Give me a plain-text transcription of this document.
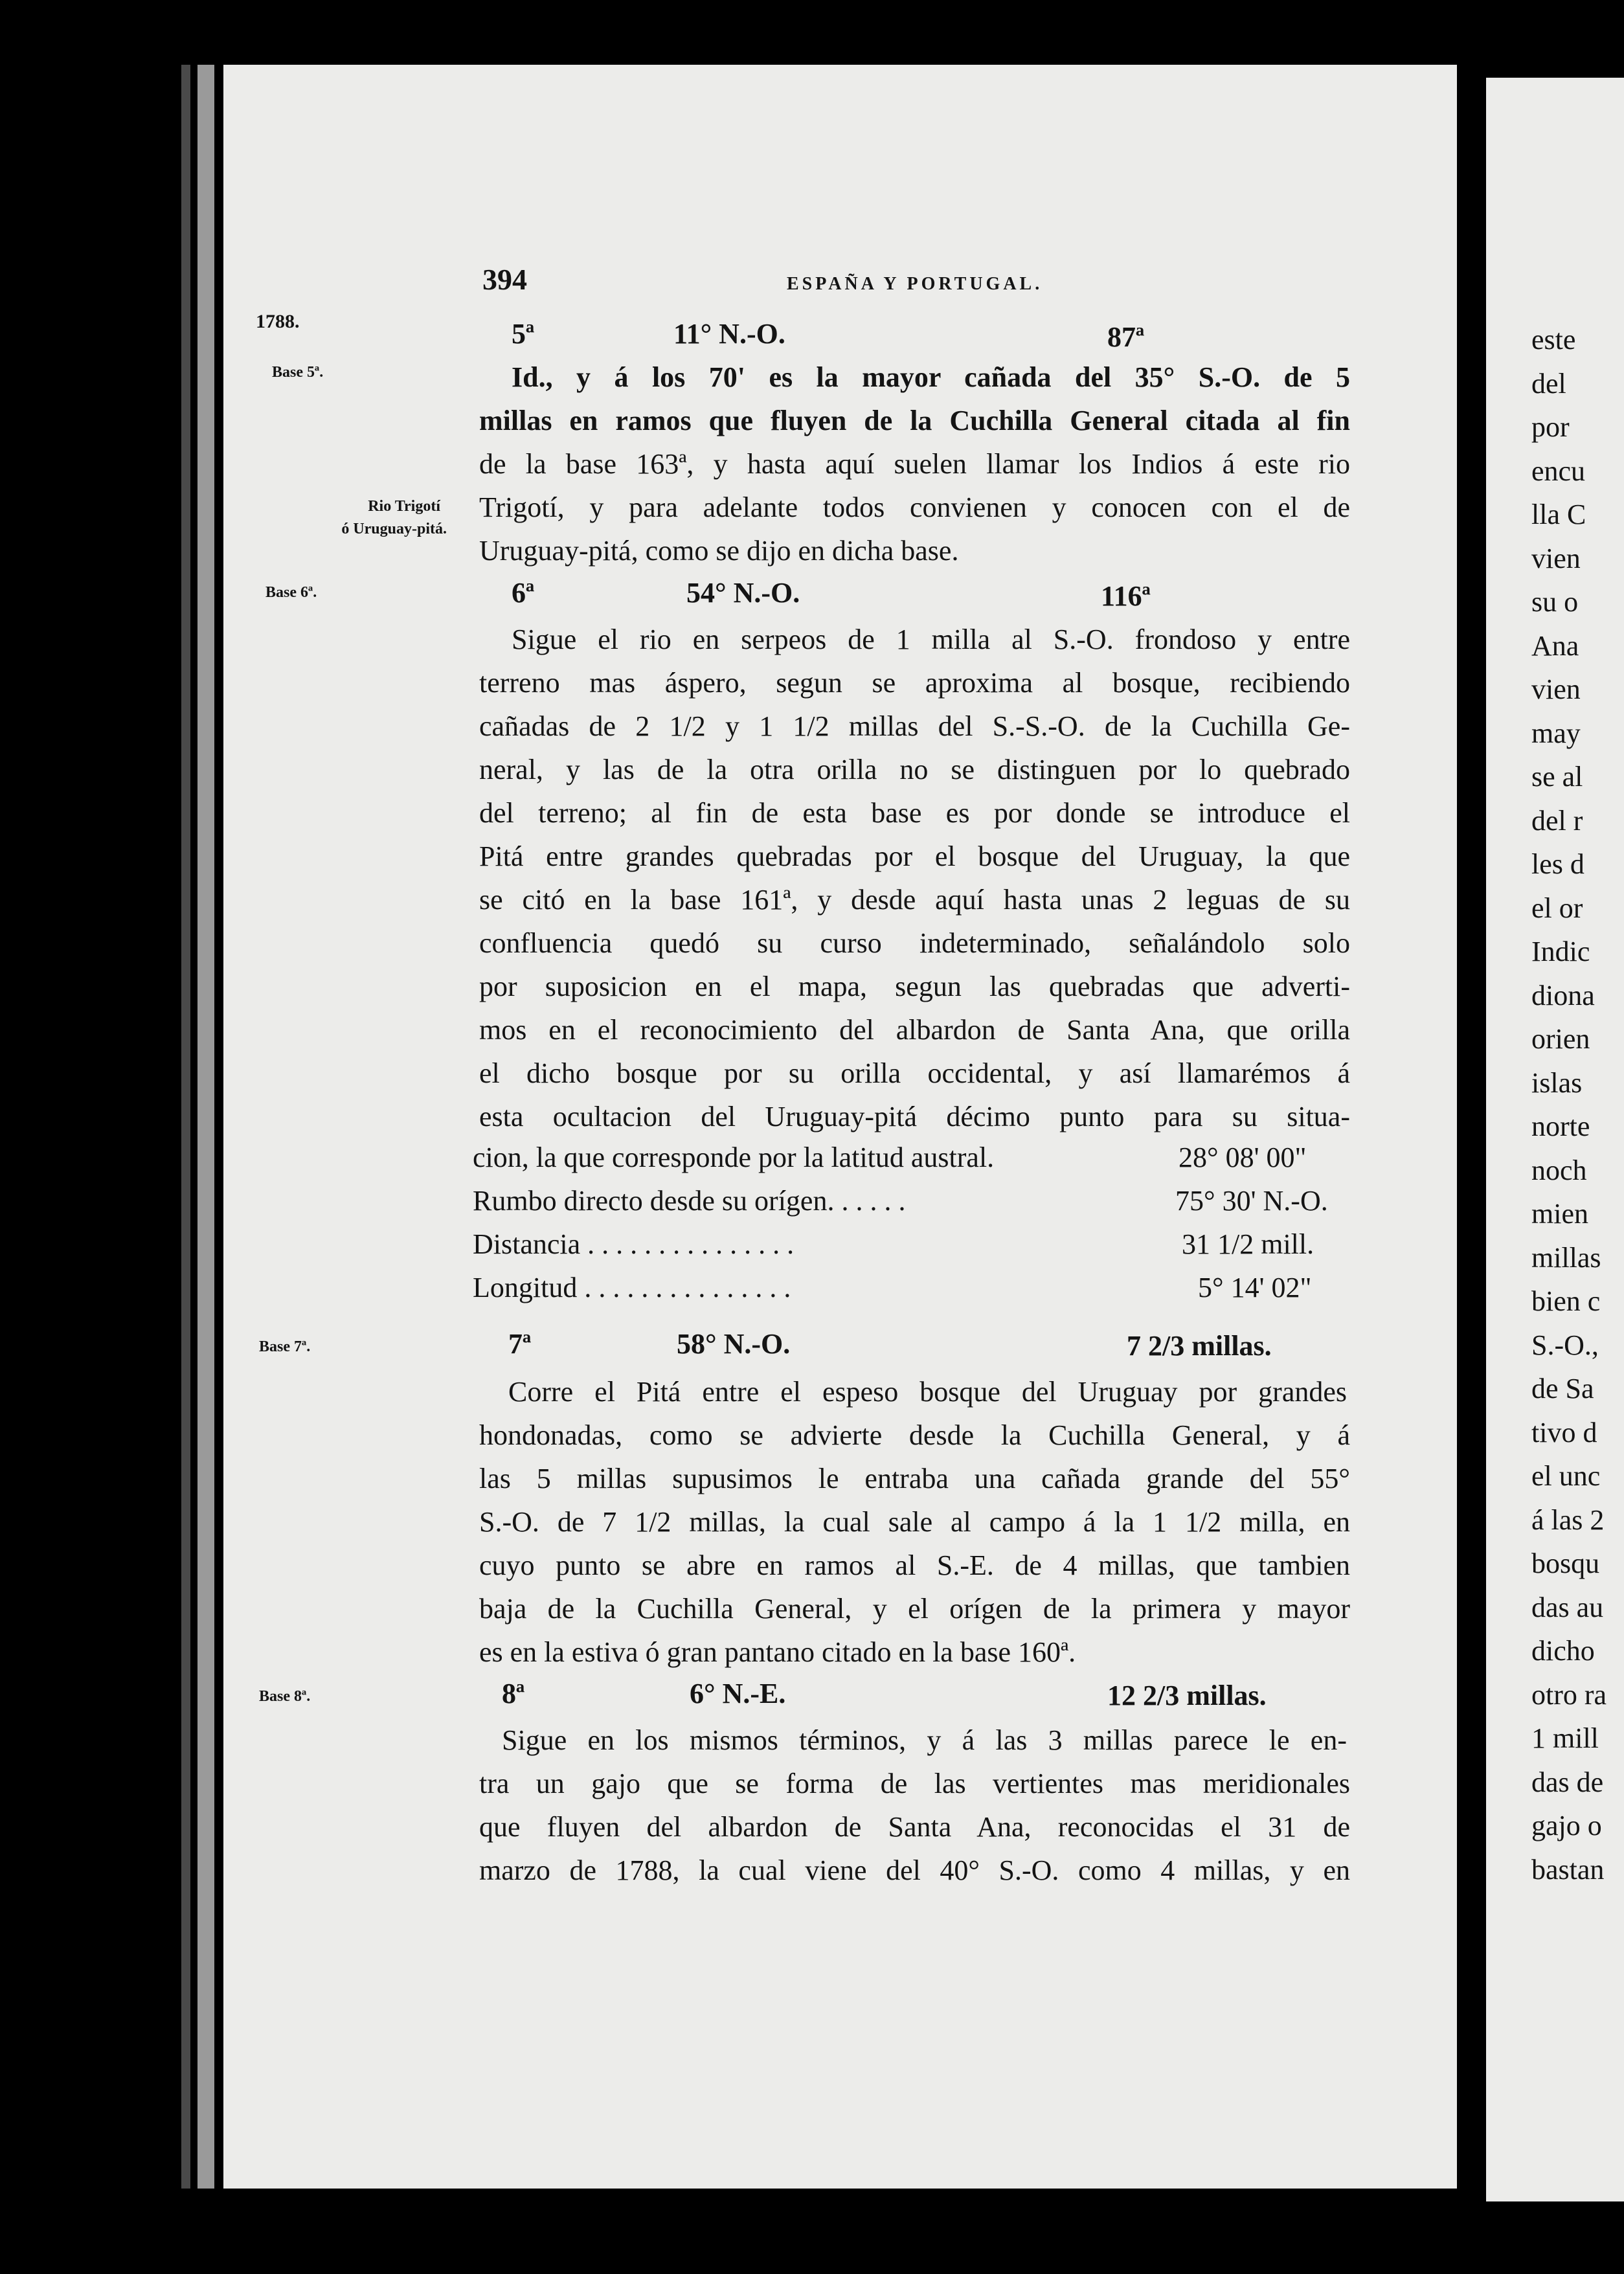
394	ESPAÑA Y PORTUGAL.
1788.
Base 5ª.
Rio Trigotí
ó Uruguay-pitá.
Base 6ª.
Base 7ª.
Base 8ª.
5ª	11° N.-O.	87ª
Id., y á los 70' es la mayor cañada del 35° S.-O. de 5
millas en ramos que fluyen de la Cuchilla General citada al fin
de la base 163ª, y hasta aquí suelen llamar los Indios á este rio
Trigotí, y para adelante todos convienen y conocen con el de
Uruguay-pitá, como se dijo en dicha base.
6ª	54° N.-O.	116ª
Sigue el rio en serpeos de 1 milla al S.-O. frondoso y entre
terreno mas áspero, segun se aproxima al bosque, recibiendo
cañadas de 2 1/2 y 1 1/2 millas del S.-S.-O. de la Cuchilla Ge-
neral, y las de la otra orilla no se distinguen por lo quebrado
del terreno; al fin de esta base es por donde se introduce el
Pitá entre grandes quebradas por el bosque del Uruguay, la que
se citó en la base 161ª, y desde aquí hasta unas 2 leguas de su
confluencia quedó su curso indeterminado, señalándolo solo
por suposicion en el mapa, segun las quebradas que adverti-
mos en el reconocimiento del albardon de Santa Ana, que orilla
el dicho bosque por su orilla occidental, y así llamarémos á
esta ocultacion del Uruguay-pitá décimo punto para su situa-
cion, la que corresponde por la latitud austral.	28° 08' 00"
Rumbo directo desde su orígen. . . . . .	75° 30' N.-O.
Distancia . . . . . . . . . . . . . . .	31 1/2 mill.
Longitud . . . . . . . . . . . . . . .	5° 14' 02"
7ª	58° N.-O.	7 2/3 millas.
Corre el Pitá entre el espeso bosque del Uruguay por grandes
hondonadas, como se advierte desde la Cuchilla General, y á
las 5 millas supusimos le entraba una cañada grande del 55°
S.-O. de 7 1/2 millas, la cual sale al campo á la 1 1/2 milla, en
cuyo punto se abre en ramos al S.-E. de 4 millas, que tambien
baja de la Cuchilla General, y el orígen de la primera y mayor
es en la estiva ó gran pantano citado en la base 160ª.
8ª	6° N.-E.	12 2/3 millas.
Sigue en los mismos términos, y á las 3 millas parece le en-
tra un gajo que se forma de las vertientes mas meridionales
que fluyen del albardon de Santa Ana, reconocidas el 31 de
marzo de 1788, la cual viene del 40° S.-O. como 4 millas, y en
este
del
por
encu
lla C
vien
su o
Ana
vien
may
se al
del r
les d
el or
Indic
diona
orien
islas
norte
noch
mien
millas
bien c
S.-O.,
de Sa
tivo d
el unc
á las 2
bosqu
das au
dicho
otro ra
1 mill
das de
gajo o
bastan
